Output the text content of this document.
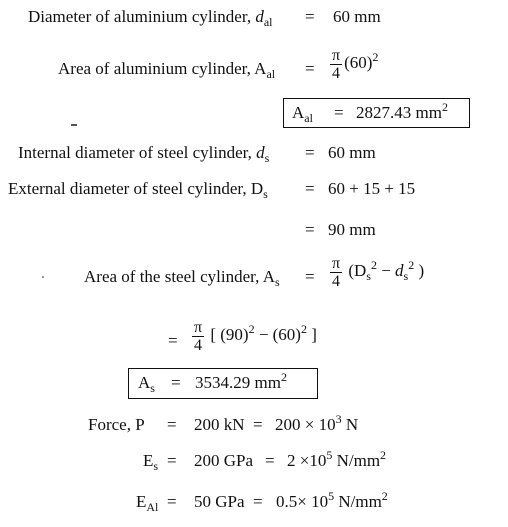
Diameter of aluminium cylinder, $d_{al} = 60$ mm
Area of aluminium cylinder, $A_{al} = \frac{\pi}{4} (60)^2$
$A_{al} = 2827.43$ $mm^2$
Internal diameter of steel cylinder, $d_s = 60$ mm
External diameter of steel cylinder, $D_s = 60 + 15 + 15$
= 90 mm
Area of the steel cylinder, $A_s = \frac{\pi}{4} (D_s^2 - d_s^2$ )
= $\frac{\pi}{4}$ [ $(90)^2 - (60)^2$ ]
$A_s = 3534.29$ $mm^2$
Force, P = 200 kN = $200 \times 10^3$ N
$E_s = 200$ GPa = $2 \times 10^5$ $N/mm^2$
$E_{Al} = 50$ GPa = $0.5\times 10^5$ $N/mm^2$
